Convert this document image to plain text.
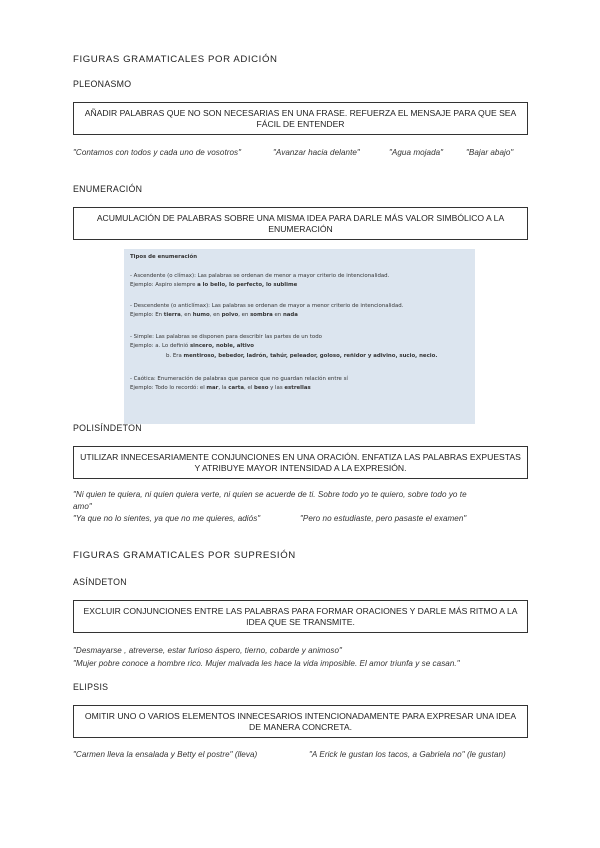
FIGURAS GRAMATICALES POR ADICIÓN
PLEONASMO
AÑADIR PALABRAS QUE NO SON NECESARIAS EN UNA FRASE. REFUERZA EL MENSAJE PARA QUE SEA FÁCIL DE ENTENDER
"Contamos con todos y cada uno de vosotros"	"Avanzar hacia delante"	"Agua mojada"	"Bajar abajo"
ENUMERACIÓN
ACUMULACIÓN DE PALABRAS SOBRE UNA MISMA IDEA PARA DARLE MÁS VALOR SIMBÓLICO A LA ENUMERACIÓN
Tipos de enumeración
- Ascendente (o clímax): Las palabras se ordenan de menor a mayor criterio de intencionalidad.
Ejemplo: Aspiro siempre a lo bello, lo perfecto, lo sublime
- Descendente (o anticlímax): Las palabras se ordenan de mayor a menor criterio de intencionalidad.
Ejemplo: En tierra, en humo, en polvo, en sombra en nada
- Simple: Las palabras se disponen para describir las partes de un todo
Ejemplo: a. Lo definió sincero, noble, altivo
b. Era mentiroso, bebedor, ladrón, tahúr, peleador, goloso, reñidor y adivino, sucio, necio.
- Caótica: Enumeración de palabras que parece que no guardan relación entre sí
Ejemplo: Todo lo recordó: el mar, la carta, el beso y las estrellas
POLISÍNDETON
UTILIZAR INNECESARIAMENTE CONJUNCIONES EN UNA ORACIÓN. ENFATIZA LAS PALABRAS EXPUESTAS Y ATRIBUYE MAYOR INTENSIDAD A LA EXPRESIÓN.
"Ni quien te quiera, ni quien quiera verte, ni quien se acuerde de ti. Sobre todo yo te quiero, sobre todo yo te
amo"
"Ya que no lo sientes, ya que no me quieres, adiós"	"Pero no estudiaste, pero pasaste el examen"
FIGURAS GRAMATICALES POR SUPRESIÓN
ASÍNDETON
EXCLUIR CONJUNCIONES ENTRE LAS PALABRAS PARA FORMAR ORACIONES Y DARLE MÁS RITMO A LA IDEA QUE SE TRANSMITE.
"Desmayarse , atreverse, estar furioso áspero, tierno, cobarde y animoso"
"Mujer pobre conoce a hombre rico. Mujer malvada les hace la vida imposible. El amor triunfa y se casan."
ELIPSIS
OMITIR UNO O VARIOS ELEMENTOS INNECESARIOS INTENCIONADAMENTE PARA EXPRESAR UNA IDEA DE MANERA CONCRETA.
"Carmen lleva la ensalada y Betty el postre" (lleva)	"A Erick le gustan los tacos, a Gabriela no" (le gustan)
